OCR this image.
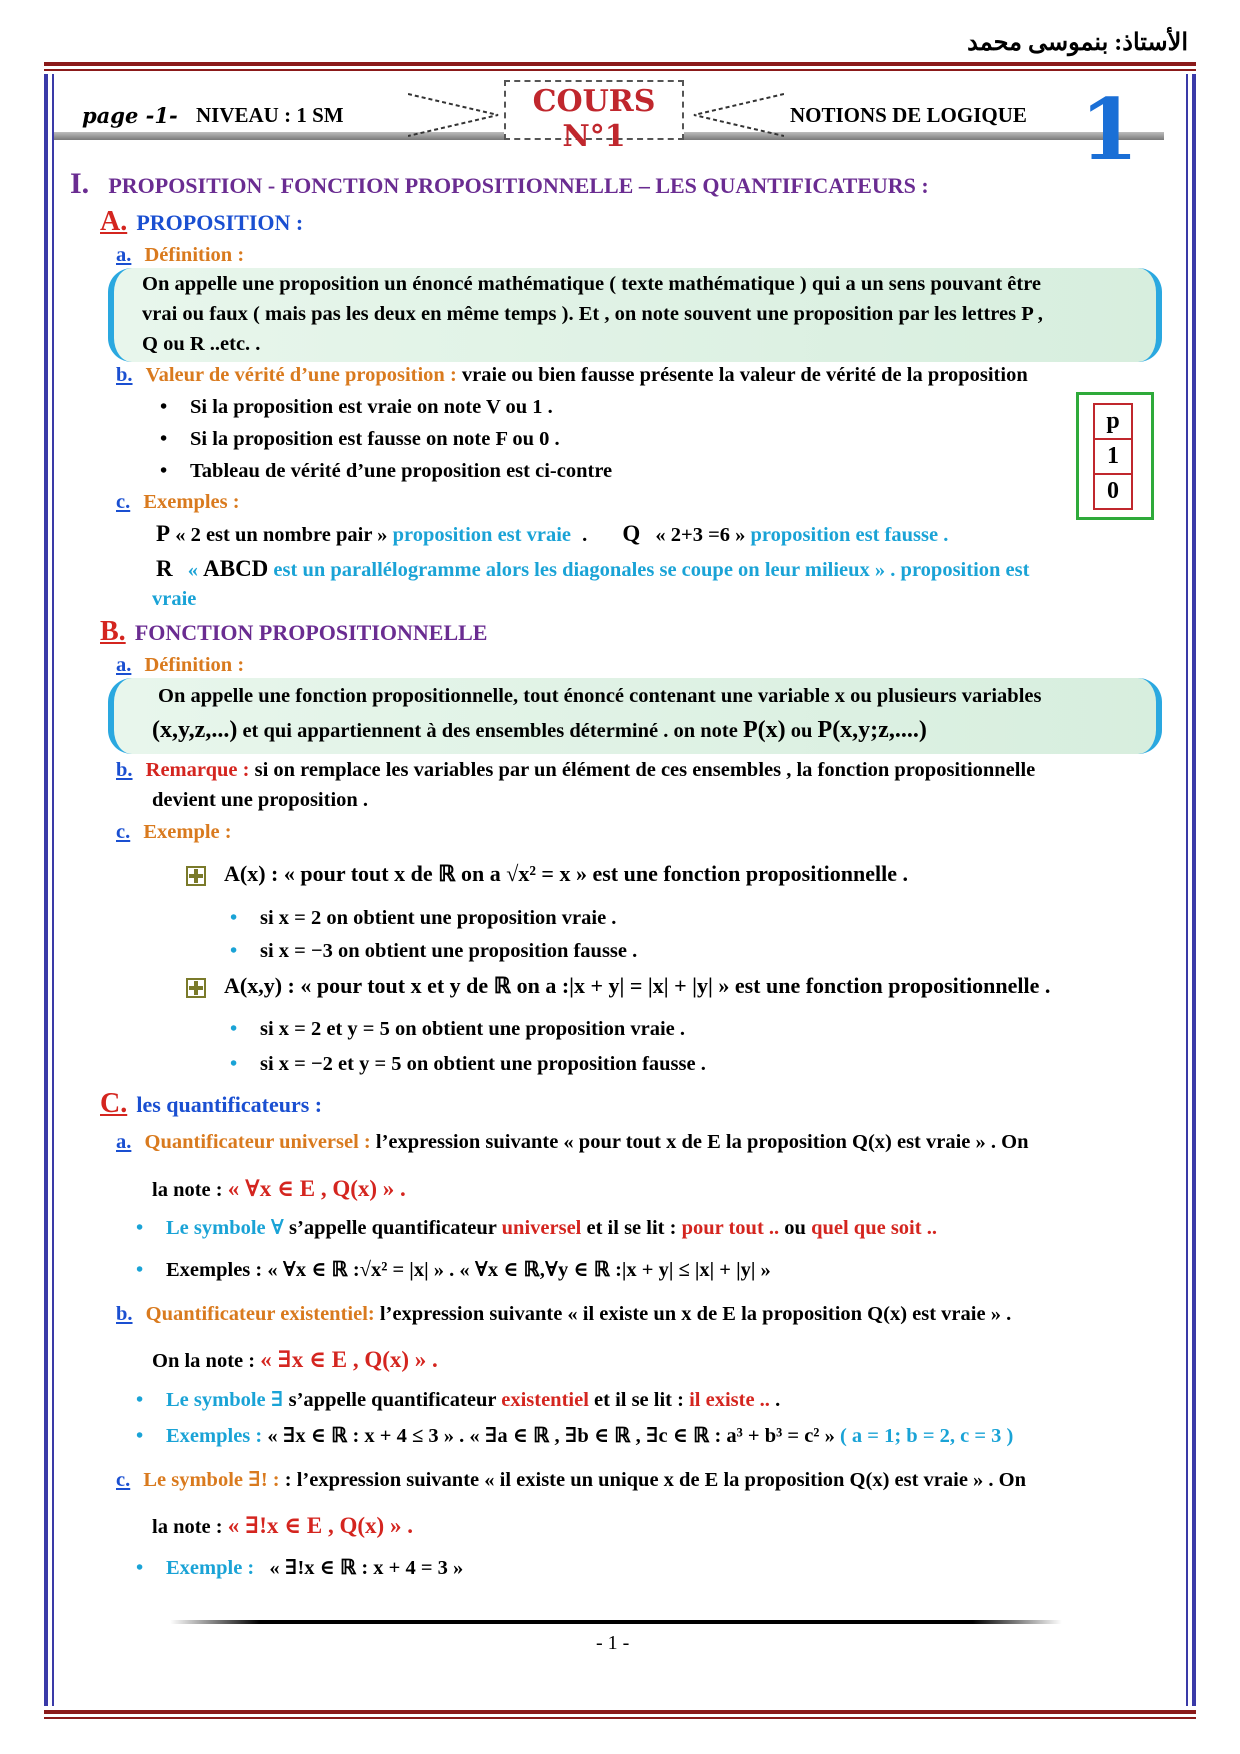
الأستاذ: بنموسى محمد
page -1- NIVEAU : 1 SM	COURS N°1
NOTIONS DE LOGIQUE 1
I. PROPOSITION - FONCTION PROPOSITIONNELLE – LES QUANTIFICATEURS :
A. PROPOSITION :
a. Définition :
On appelle une proposition un énoncé mathématique ( texte mathématique ) qui a un sens pouvant être
vrai ou faux ( mais pas les deux en même temps ). Et , on note souvent une proposition par les lettres P ,
Q ou R ..etc. .
b. Valeur de vérité d’une proposition : vraie ou bien fausse présente la valeur de vérité de la proposition
• Si la proposition est vraie on note V ou 1 .
• Si la proposition est fausse on note F ou 0 .
• Tableau de vérité d’une proposition est ci-contre
p
1
0
c. Exemples :
P « 2 est un nombre pair » proposition est vraie . Q « 2+3 =6 » proposition est fausse .
R « ABCD est un parallélogramme alors les diagonales se coupe on leur milieux » . proposition est
vraie
B. FONCTION PROPOSITIONNELLE
a. Définition :
On appelle une fonction propositionnelle, tout énoncé contenant une variable x ou plusieurs variables
(x,y,z,...) et qui appartiennent à des ensembles déterminé . on note P(x) ou P(x,y;z,....)
b. Remarque : si on remplace les variables par un élément de ces ensembles , la fonction propositionnelle
devient une proposition .
c. Exemple :
A(x) : « pour tout x de ℝ on a √x² = x » est une fonction propositionnelle .
• si x = 2 on obtient une proposition vraie .
• si x = −3 on obtient une proposition fausse .
A(x,y) : « pour tout x et y de ℝ on a :|x + y| = |x| + |y| » est une fonction propositionnelle .
• si x = 2 et y = 5 on obtient une proposition vraie .
• si x = −2 et y = 5 on obtient une proposition fausse .
C. les quantificateurs :
a. Quantificateur universel : l’expression suivante « pour tout x de E la proposition Q(x) est vraie » . On
la note : « ∀x ∈ E , Q(x) » .
• Le symbole ∀ s’appelle quantificateur universel et il se lit : pour tout .. ou quel que soit ..
• Exemples : « ∀x ∈ ℝ :√x² = |x| » . « ∀x ∈ ℝ,∀y ∈ ℝ :|x + y| ≤ |x| + |y| »
b. Quantificateur existentiel: l’expression suivante « il existe un x de E la proposition Q(x) est vraie » .
On la note : « ∃x ∈ E , Q(x) » .
• Le symbole ∃ s’appelle quantificateur existentiel et il se lit : il existe .. .
• Exemples : « ∃x ∈ ℝ : x + 4 ≤ 3 » . « ∃a ∈ ℝ , ∃b ∈ ℝ , ∃c ∈ ℝ : a³ + b³ = c² » ( a = 1; b = 2, c = 3 )
c. Le symbole ∃! : : l’expression suivante « il existe un unique x de E la proposition Q(x) est vraie » . On
la note : « ∃!x ∈ E , Q(x) » .
• Exemple : « ∃!x ∈ ℝ : x + 4 = 3 »
- 1 -
